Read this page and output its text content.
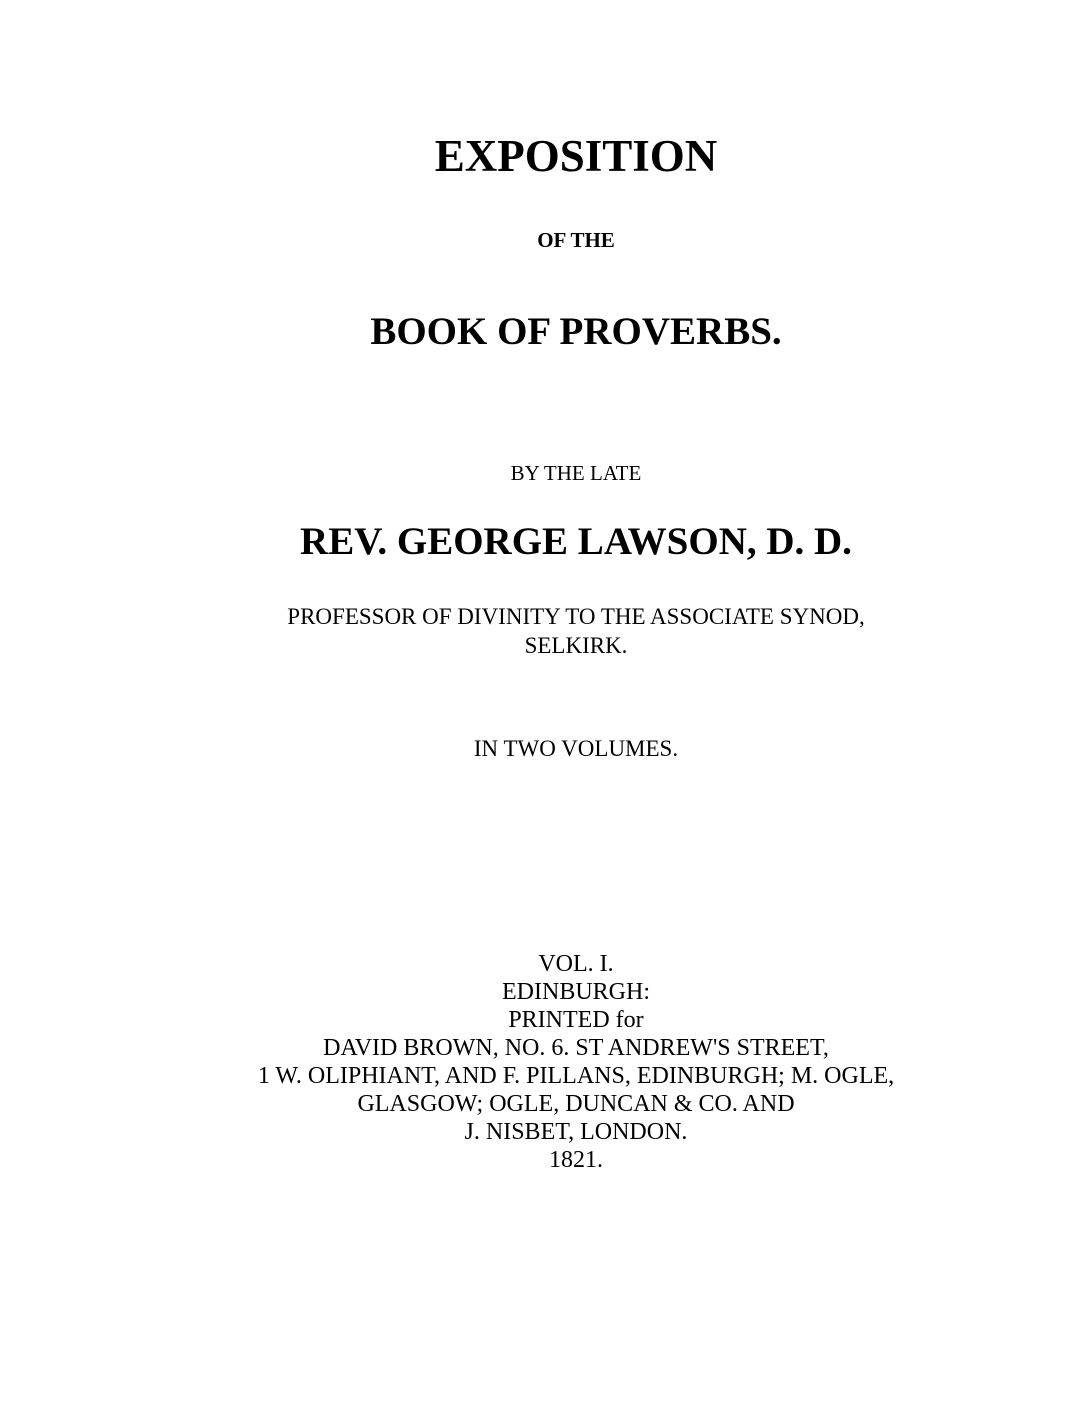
EXPOSITION
OF THE
BOOK OF PROVERBS.
BY THE LATE
REV. GEORGE LAWSON, D. D.
PROFESSOR OF DIVINITY TO THE ASSOCIATE SYNOD,
SELKIRK.
IN TWO VOLUMES.
VOL. I.
EDINBURGH:
PRINTED for
DAVID BROWN, NO. 6. ST ANDREW'S STREET,
1 W. OLIPHIANT, AND F. PILLANS, EDINBURGH; M. OGLE,
GLASGOW; OGLE, DUNCAN & CO. AND
J. NISBET, LONDON.
1821.
